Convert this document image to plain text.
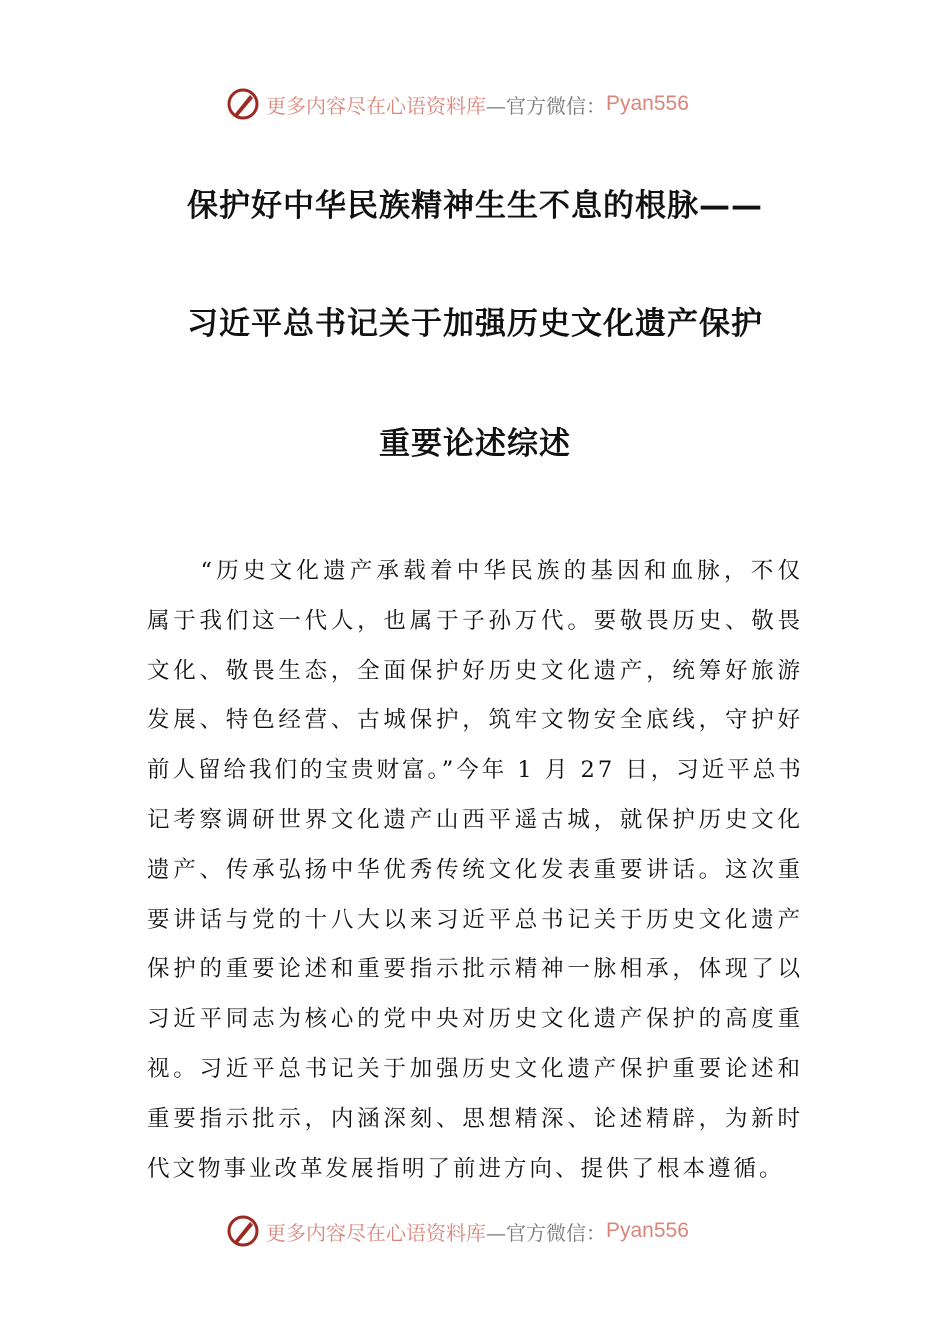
更多内容尽在心语资料库 —官方微信： Pyan556
保护好中华民族精神生生不息的根脉——
习近平总书记关于加强历史文化遗产保护
重要论述综述
　　“历史文化遗产承载着中华民族的基因和血脉，不仅
属于我们这一代人，也属于子孙万代。要敬畏历史、敬畏
文化、敬畏生态，全面保护好历史文化遗产，统筹好旅游
发展、特色经营、古城保护，筑牢文物安全底线，守护好
前人留给我们的宝贵财富。”今年 1 月 27 日，习近平总书
记考察调研世界文化遗产山西平遥古城，就保护历史文化
遗产、传承弘扬中华优秀传统文化发表重要讲话。这次重
要讲话与党的十八大以来习近平总书记关于历史文化遗产
保护的重要论述和重要指示批示精神一脉相承，体现了以
习近平同志为核心的党中央对历史文化遗产保护的高度重
视。习近平总书记关于加强历史文化遗产保护重要论述和
重要指示批示，内涵深刻、思想精深、论述精辟，为新时
代文物事业改革发展指明了前进方向、提供了根本遵循。
更多内容尽在心语资料库 —官方微信： Pyan556
